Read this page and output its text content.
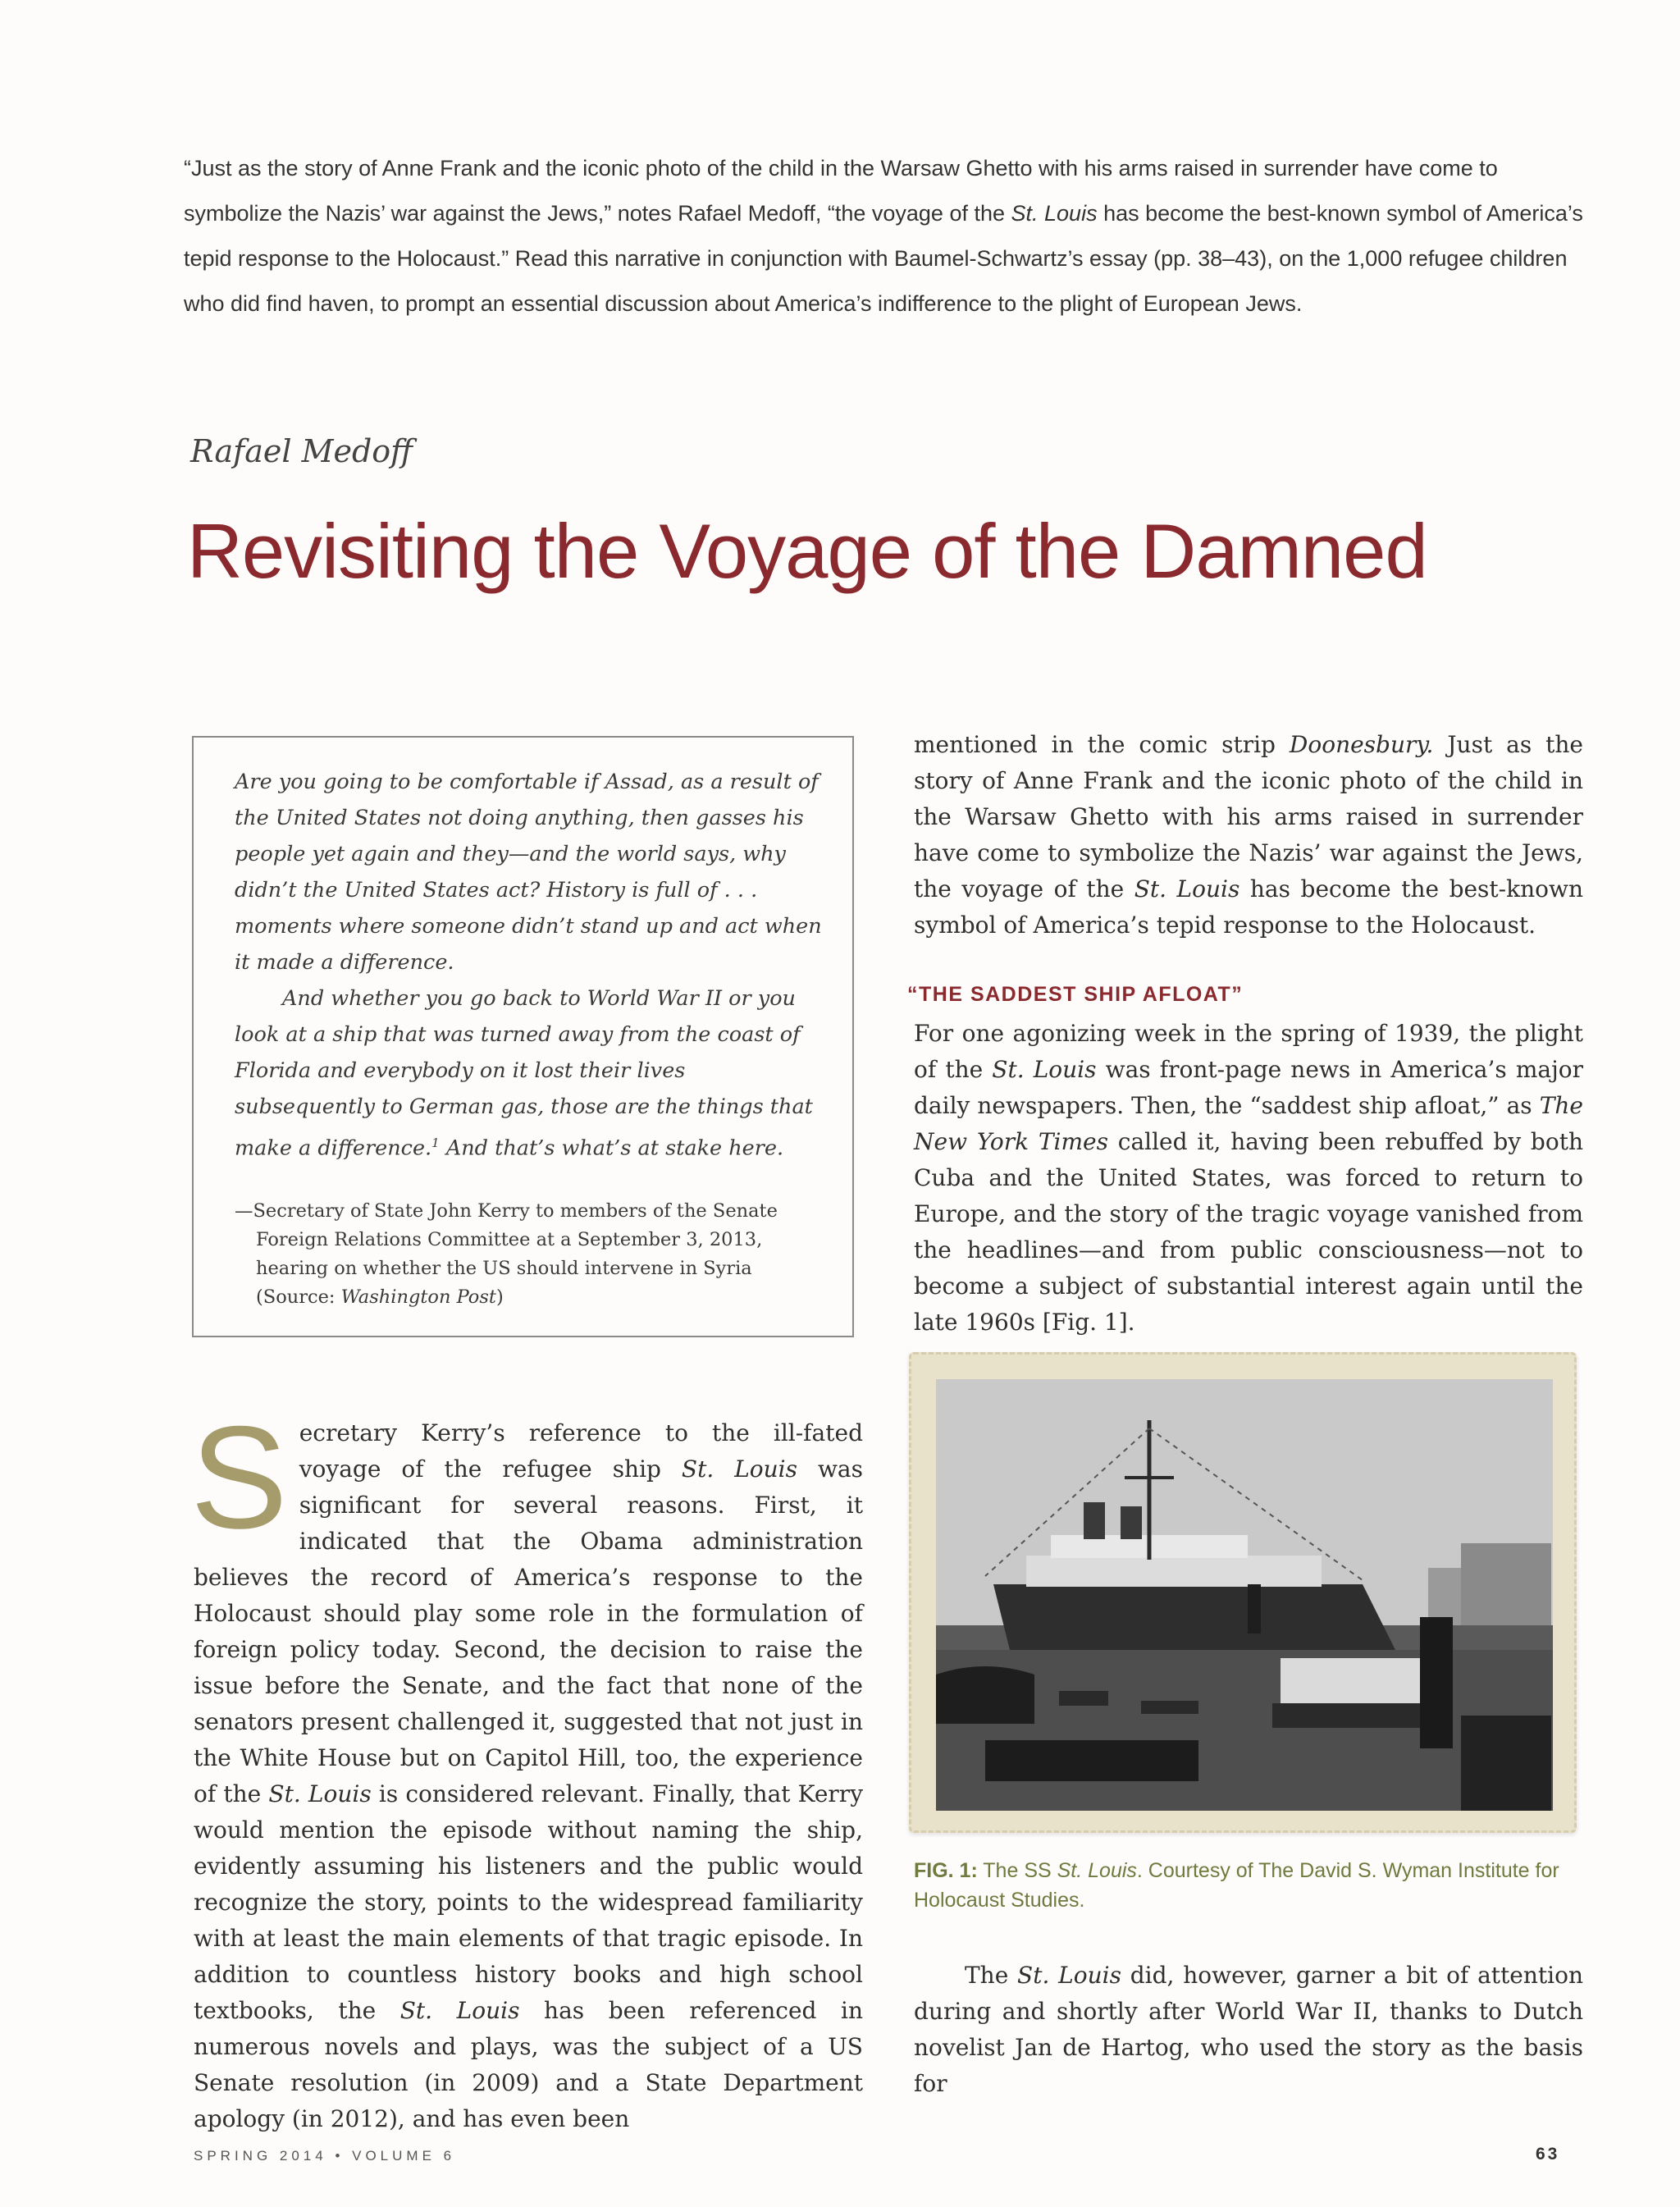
“Just as the story of Anne Frank and the iconic photo of the child in the Warsaw Ghetto with his arms raised in surrender have come to symbolize the Nazis’ war against the Jews,” notes Rafael Medoff, “the voyage of the St. Louis has become the best-known symbol of America’s tepid response to the Holocaust.” Read this narrative in conjunction with Baumel-Schwartz’s essay (pp. 38–43), on the 1,000 refugee children who did find haven, to prompt an essential discussion about America’s indifference to the plight of European Jews.
Rafael Medoff
Revisiting the Voyage of the Damned

Are you going to be comfortable if Assad, as a result of the United States not doing anything, then gasses his people yet again and they—and the world says, why didn’t the United States act? History is full of . . . moments where someone didn’t stand up and act when it made a difference.

And whether you go back to World War II or you look at a ship that was turned away from the coast of Florida and everybody on it lost their lives subsequently to German gas, those are the things that make a difference.$^1$ And that’s what’s at stake here.

—Secretary of State John Kerry to members of the Senate Foreign Relations Committee at a September 3, 2013, hearing on whether the US should intervene in Syria (Source: Washington Post)
Secretary Kerry’s reference to the ill-fated voyage of the refugee ship St. Louis was significant for several reasons. First, it indicated that the Obama administration believes the record of America’s response to the Holocaust should play some role in the formulation of foreign policy today. Second, the decision to raise the issue before the Senate, and the fact that none of the senators present challenged it, suggested that not just in the White House but on Capitol Hill, too, the experience of the St. Louis is considered relevant. Finally, that Kerry would mention the episode without naming the ship, evidently assuming his listeners and the public would recognize the story, points to the widespread familiarity with at least the main elements of that tragic episode. In addition to countless history books and high school textbooks, the St. Louis has been referenced in numerous novels and plays, was the subject of a US Senate resolution (in 2009) and a State Department apology (in 2012), and has even been
mentioned in the comic strip Doonesbury. Just as the story of Anne Frank and the iconic photo of the child in the Warsaw Ghetto with his arms raised in surrender have come to symbolize the Nazis’ war against the Jews, the voyage of the St. Louis has become the best-known symbol of America’s tepid response to the Holocaust.
“THE SADDEST SHIP AFLOAT”
For one agonizing week in the spring of 1939, the plight of the St. Louis was front-page news in America’s major daily newspapers. Then, the “saddest ship afloat,” as The New York Times called it, having been rebuffed by both Cuba and the United States, was forced to return to Europe, and the story of the tragic voyage vanished from the headlines—and from public consciousness—not to become a subject of substantial interest again until the late 1960s [Fig. 1].
FIG. 1: The SS St. Louis. Courtesy of The David S. Wyman Institute for Holocaust Studies.

The St. Louis did, however, garner a bit of attention during and shortly after World War II, thanks to Dutch novelist Jan de Hartog, who used the story as the basis for

SPRING 2014 • VOLUME 6	63
